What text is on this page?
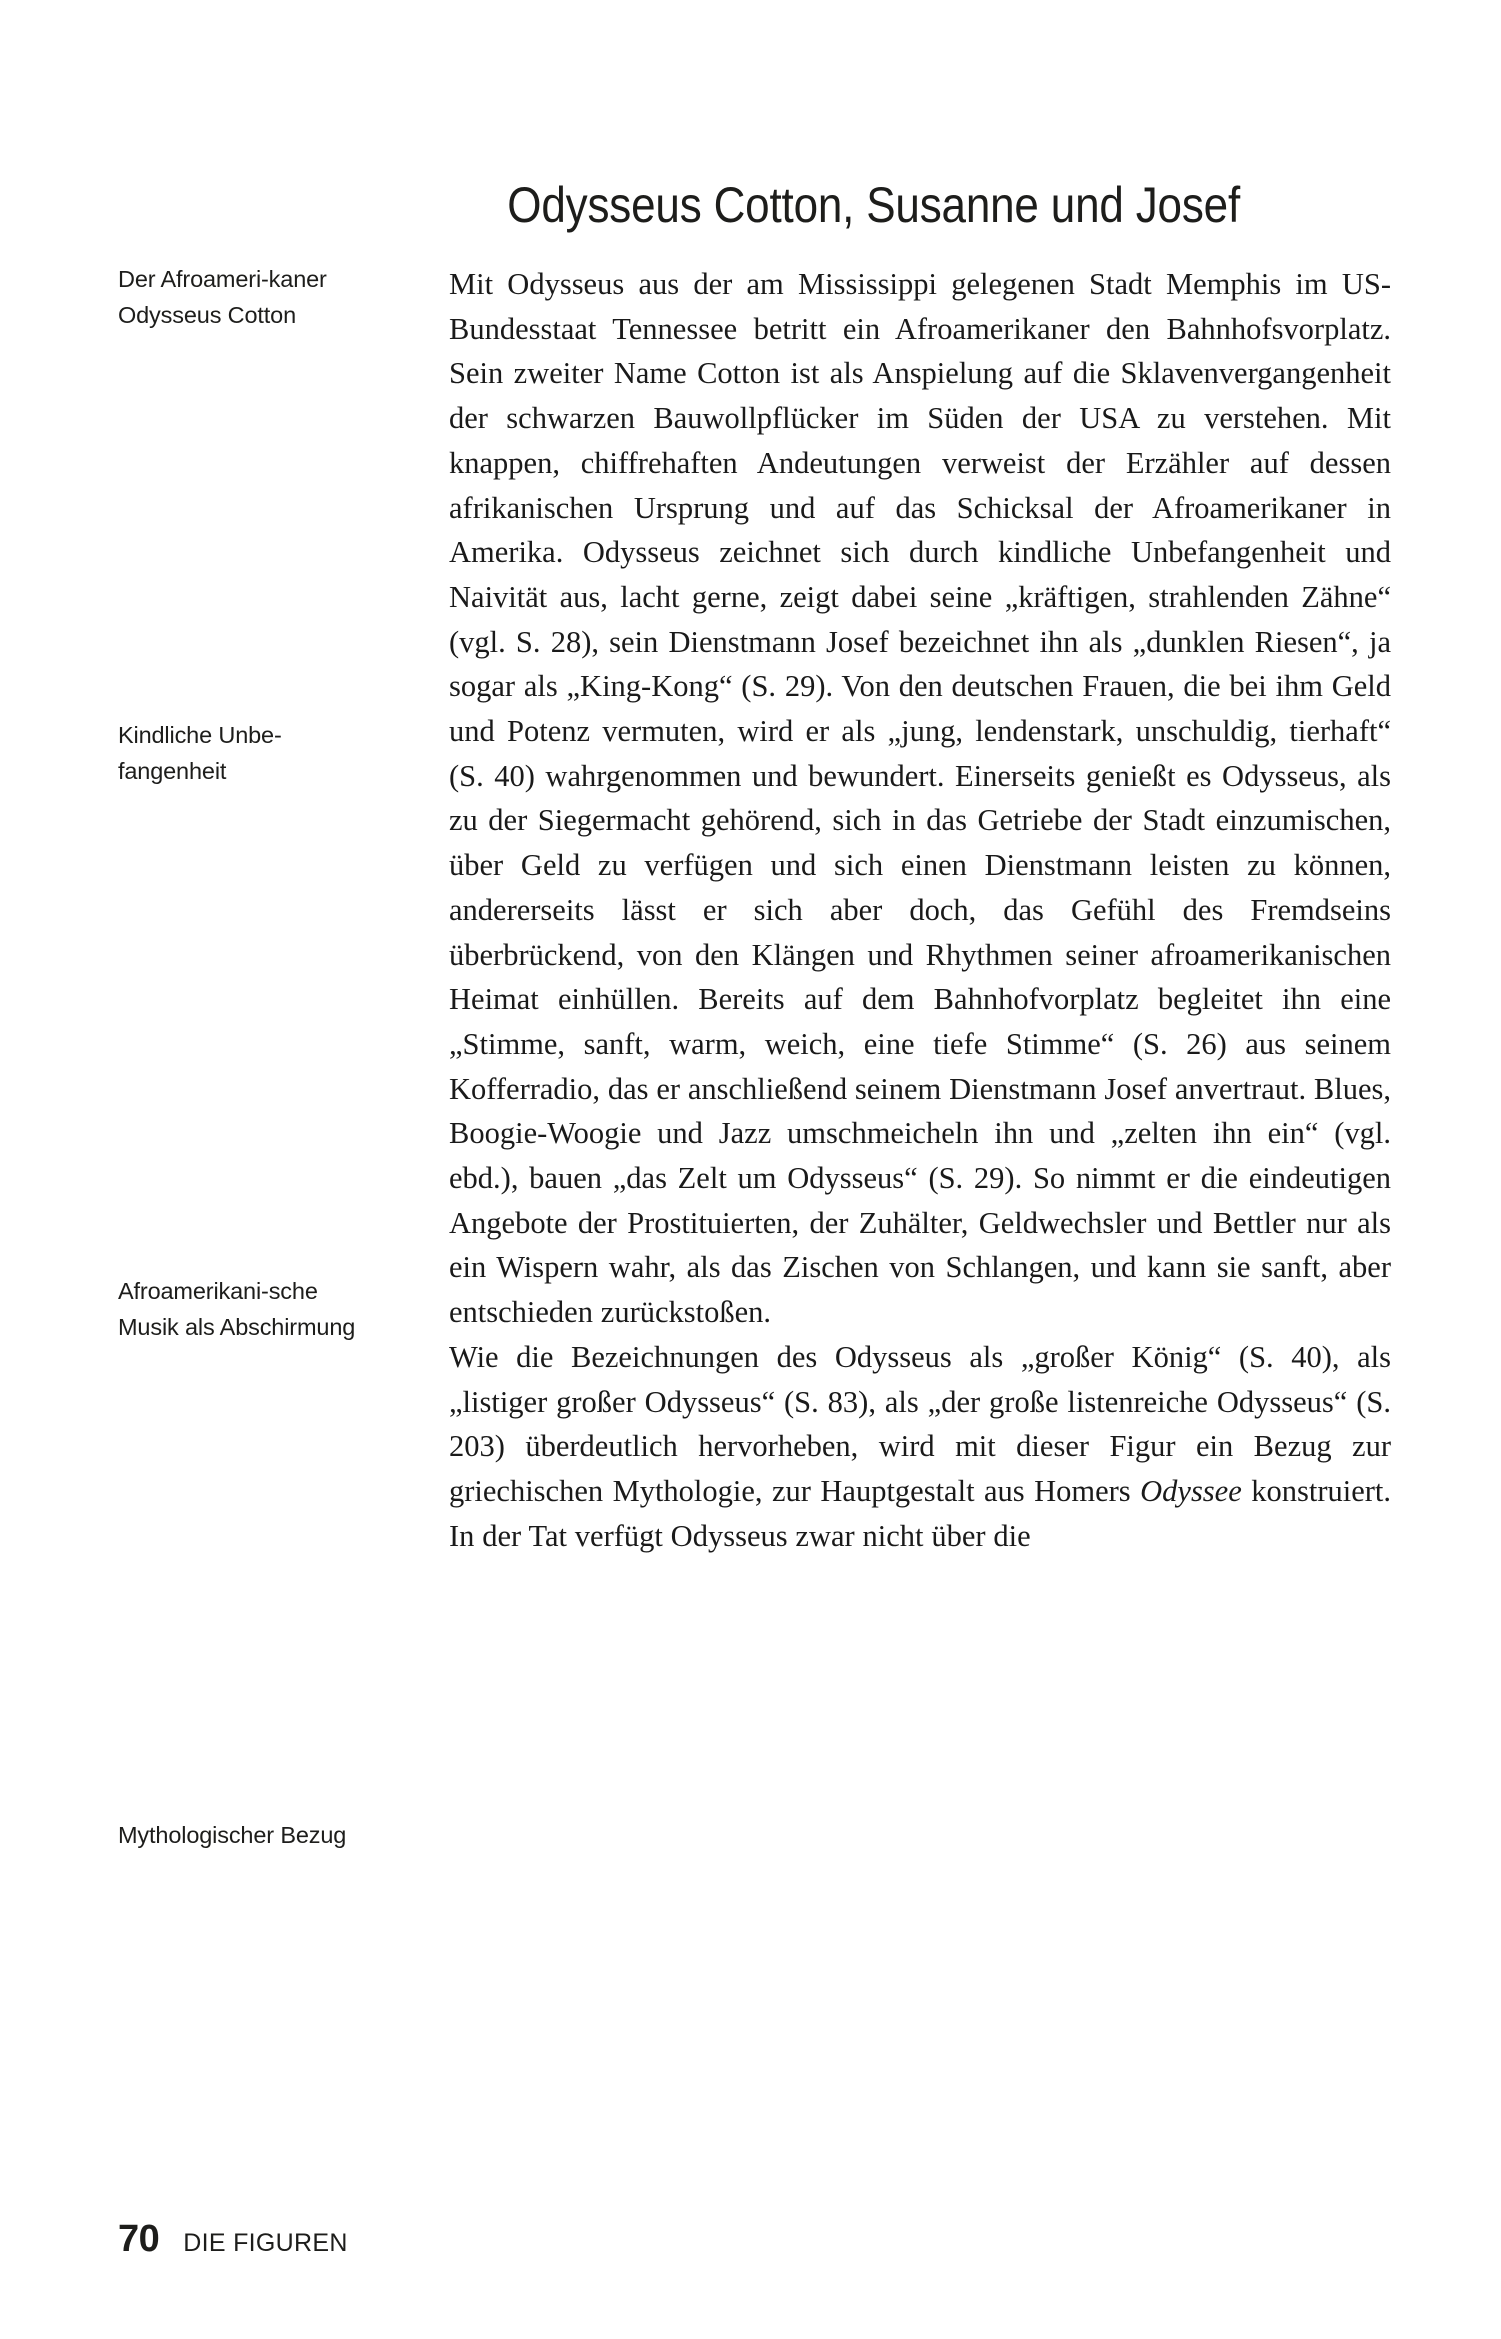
Odysseus Cotton, Susanne und Josef
Der Afroameri-kaner Odysseus Cotton
Kindliche Unbe-fangenheit
Afroamerikani-sche Musik als Abschirmung
Mythologischer Bezug

Mit Odysseus aus der am Mississippi gelegenen Stadt Memphis im US-Bundesstaat Tennessee betritt ein Afroamerikaner den Bahnhofsvorplatz. Sein zweiter Name Cotton ist als Anspielung auf die Sklavenvergangenheit der schwarzen Bauwollpflücker im Süden der USA zu verstehen. Mit knappen, chiffrehaften Andeutungen verweist der Erzähler auf dessen afrikanischen Ursprung und auf das Schicksal der Afroamerikaner in Amerika. Odysseus zeichnet sich durch kindliche Unbefangenheit und Naivität aus, lacht gerne, zeigt dabei seine „kräftigen, strahlenden Zähne“ (vgl. S. 28), sein Dienstmann Josef bezeichnet ihn als „dunklen Riesen“, ja sogar als „King-Kong“ (S. 29). Von den deutschen Frauen, die bei ihm Geld und Potenz vermuten, wird er als „jung, lendenstark, unschuldig, tierhaft“ (S. 40) wahrgenommen und bewundert. Einerseits genießt es Odysseus, als zu der Siegermacht gehörend, sich in das Getriebe der Stadt einzumischen, über Geld zu verfügen und sich einen Dienstmann leisten zu können, andererseits lässt er sich aber doch, das Gefühl des Fremdseins überbrückend, von den Klängen und Rhythmen seiner afroamerikanischen Heimat einhüllen. Bereits auf dem Bahnhofvorplatz begleitet ihn eine „Stimme, sanft, warm, weich, eine tiefe Stimme“ (S. 26) aus seinem Kofferradio, das er anschließend seinem Dienstmann Josef anvertraut. Blues, Boogie-Woogie und Jazz umschmeicheln ihn und „zelten ihn ein“ (vgl. ebd.), bauen „das Zelt um Odysseus“ (S. 29). So nimmt er die eindeutigen Angebote der Prostituierten, der Zuhälter, Geldwechsler und Bettler nur als ein Wispern wahr, als das Zischen von Schlangen, und kann sie sanft, aber entschieden zurückstoßen.

Wie die Bezeichnungen des Odysseus als „großer König“ (S. 40), als „listiger großer Odysseus“ (S. 83), als „der große listenreiche Odysseus“ (S. 203) überdeutlich hervorheben, wird mit dieser Figur ein Bezug zur griechischen Mythologie, zur Hauptgestalt aus Homers Odyssee konstruiert. In der Tat verfügt Odysseus zwar nicht über die

70 DIE FIGUREN
